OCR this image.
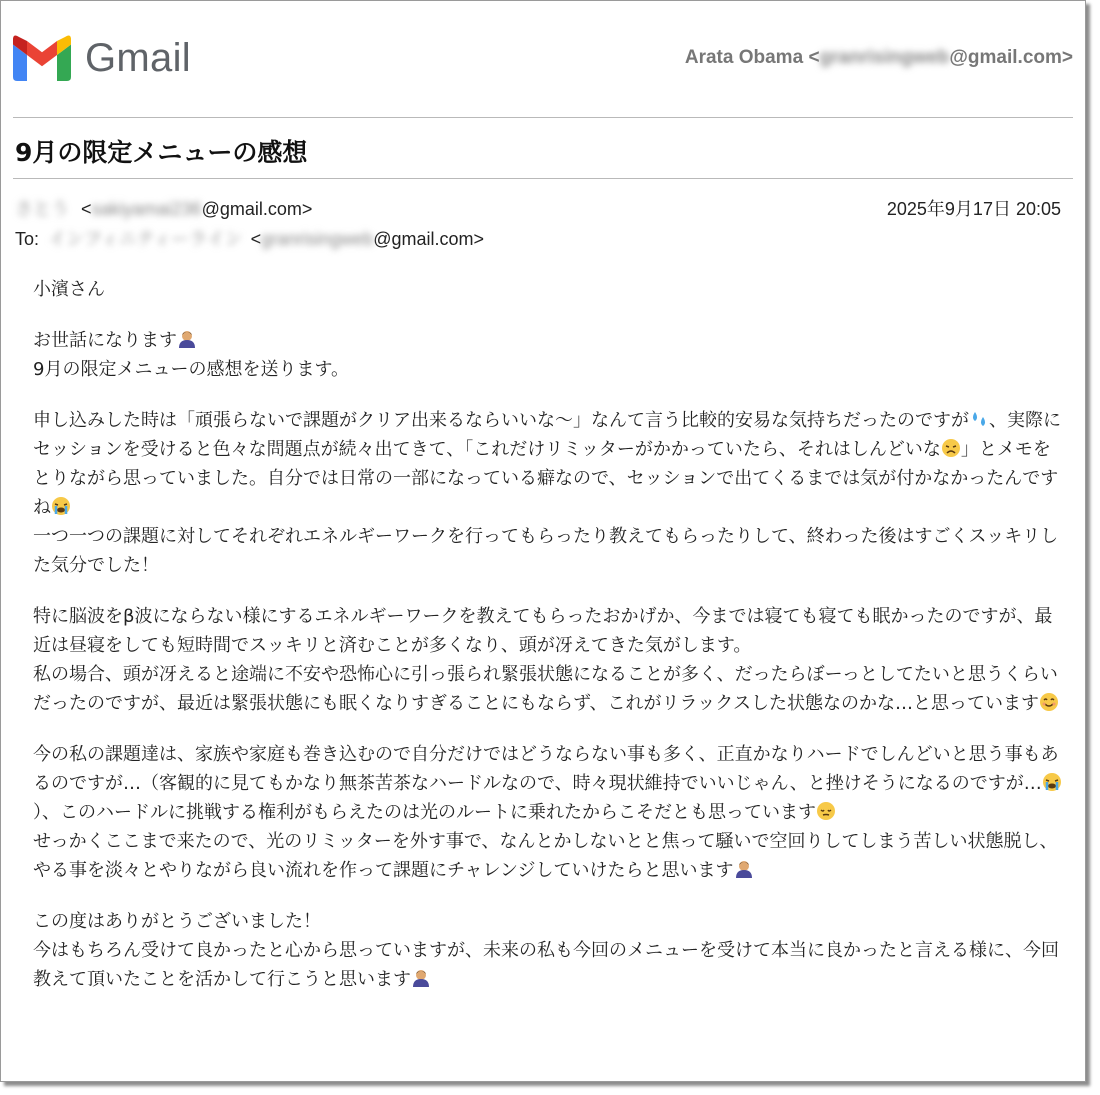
Gmail	Arata Obama <granrisingweb@gmail.com>
9月の限定メニューの感想
さとう <sakiyamai236@gmail.com>	2025年9月17日 20:05
To: インフィニティーライン <granrisingweb@gmail.com>

小濱さん

お世話になります
9月の限定メニューの感想を送ります。

申し込みした時は「頑張らないで課題がクリア出来るならいいな〜」なんて言う比較的安易な気持ちだったのですが 、実際にセッションを受けると色々な問題点が続々出てきて、「これだけリミッターがかかっていたら、それはしんどいな 」とメモをとりながら思っていました。自分では日常の一部になっている癖なので、セッションで出てくるまでは気が付かなかったんですね
一つ一つの課題に対してそれぞれエネルギーワークを行ってもらったり教えてもらったりして、終わった後はすごくスッキリした気分でした！

特に脳波をβ波にならない様にするエネルギーワークを教えてもらったおかげか、今までは寝ても寝ても眠かったのですが、最近は昼寝をしても短時間でスッキリと済むことが多くなり、頭が冴えてきた気がします。
私の場合、頭が冴えると途端に不安や恐怖心に引っ張られ緊張状態になることが多く、だったらぼーっとしてたいと思うくらいだったのですが、最近は緊張状態にも眠くなりすぎることにもならず、これがリラックスした状態なのかな…と思っています

今の私の課題達は、家族や家庭も巻き込むので自分だけではどうならない事も多く、正直かなりハードでしんどいと思う事もあるのですが…（客観的に見てもかなり無茶苦茶なハードルなので、時々現状維持でいいじゃん、と挫けそうになるのですが…）、このハードルに挑戦する権利がもらえたのは光のルートに乗れたからこそだとも思っています
せっかくここまで来たので、光のリミッターを外す事で、なんとかしないとと焦って騒いで空回りしてしまう苦しい状態脱し、やる事を淡々とやりながら良い流れを作って課題にチャレンジしていけたらと思います

この度はありがとうございました！
今はもちろん受けて良かったと心から思っていますが、未来の私も今回のメニューを受けて本当に良かったと言える様に、今回教えて頂いたことを活かして行こうと思います
